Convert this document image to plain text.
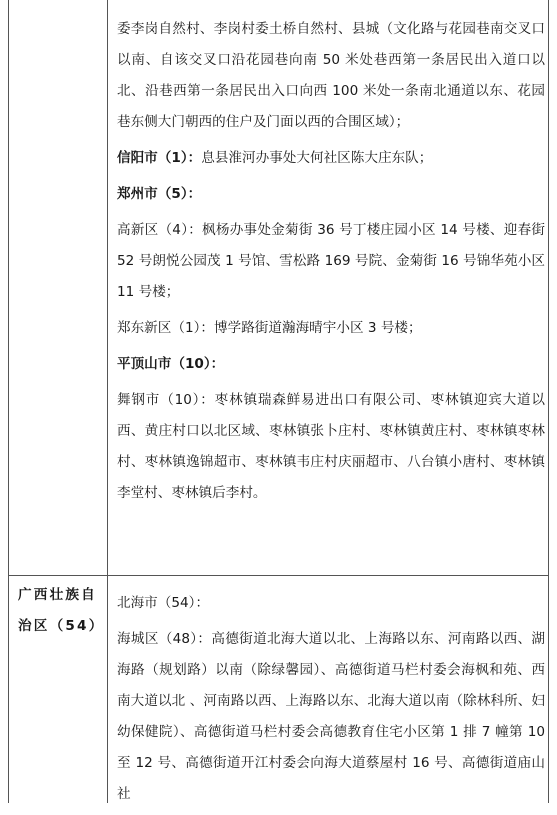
委李岗自然村、李岗村委土桥自然村、县城（文化路与花园巷南交叉口以南、自该交叉口沿花园巷向南 50 米处巷西第一条居民出入道口以北、沿巷西第一条居民出入口向西 100 米处一条南北通道以东、花园巷东侧大门朝西的住户及门面以西的合围区域）；

信阳市（1）：息县淮河办事处大何社区陈大庄东队；

郑州市（5）：

高新区（4）：枫杨办事处金菊街 36 号丁楼庄园小区 14 号楼、迎春街 52 号朗悦公园茂 1 号馆、雪松路 169 号院、金菊街 16 号锦华苑小区 11 号楼；

郑东新区（1）：博学路街道瀚海晴宇小区 3 号楼；

平顶山市（10）：

舞钢市（10）：枣林镇瑞森鲜易进出口有限公司、枣林镇迎宾大道以西、黄庄村口以北区域、枣林镇张卜庄村、枣林镇黄庄村、枣林镇枣林村、枣林镇逸锦超市、枣林镇韦庄村庆丽超市、八台镇小唐村、枣林镇李堂村、枣林镇后李村。

广西壮族自治区（54）

北海市（54）：

海城区（48）：高德街道北海大道以北、上海路以东、河南路以西、湖海路（规划路）以南（除绿馨园）、高德街道马栏村委会海枫和苑、西南大道以北 、河南路以西、上海路以东、北海大道以南（除林科所、妇幼保健院）、高德街道马栏村委会高德教育住宅小区第 1 排 7 幢第 10 至 12 号、高德街道开江村委会向海大道蔡屋村 16 号、高德街道庙山社
